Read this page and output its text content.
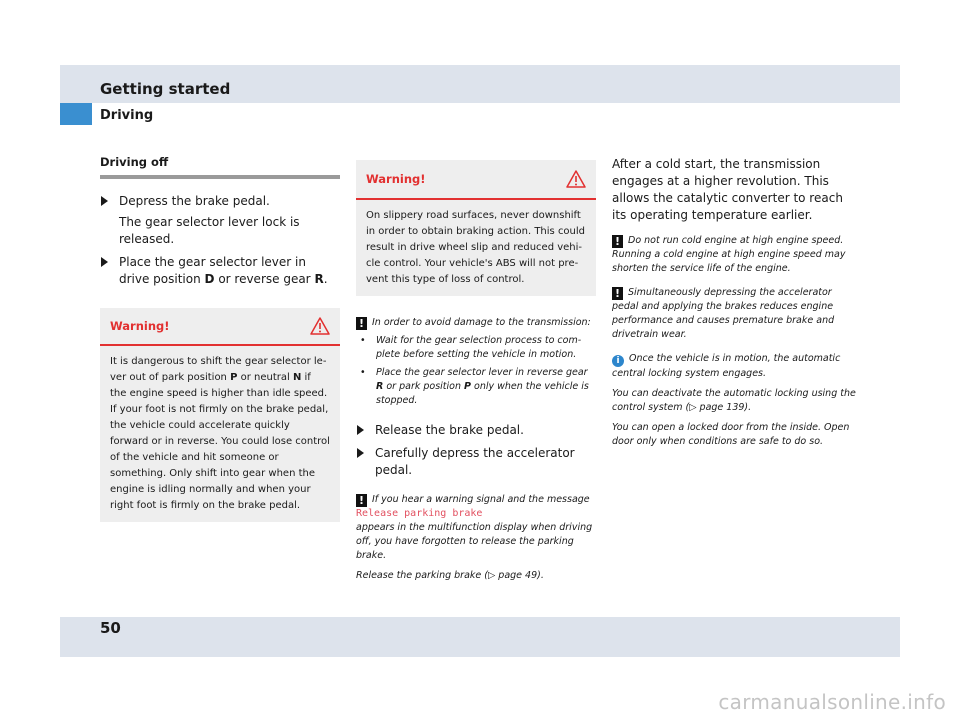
Getting started
Driving
Driving off
Depress the brake pedal.
The gear selector lever lock is released.
Place the gear selector lever in drive position D or reverse gear R.
Warning!
It is dangerous to shift the gear selector lever out of park position P or neutral N if the engine speed is higher than idle speed. If your foot is not firmly on the brake pedal, the vehicle could accelerate quickly forward or in reverse. You could lose control of the vehicle and hit someone or something. Only shift into gear when the engine is idling normally and when your right foot is firmly on the brake pedal.
Warning!
On slippery road surfaces, never downshift in order to obtain braking action. This could result in drive wheel slip and reduced vehicle control. Your vehicle's ABS will not prevent this type of loss of control.
! In order to avoid damage to the transmission:
• Wait for the gear selection process to complete before setting the vehicle in motion.
• Place the gear selector lever in reverse gear R or park position P only when the vehicle is stopped.
Release the brake pedal.
Carefully depress the accelerator pedal.
! If you hear a warning signal and the message Release parking brake
appears in the multifunction display when driving off, you have forgotten to release the parking brake.
Release the parking brake (▷ page 49).
After a cold start, the transmission engages at a higher revolution. This allows the catalytic converter to reach its operating temperature earlier.
! Do not run cold engine at high engine speed. Running a cold engine at high engine speed may shorten the service life of the engine.
! Simultaneously depressing the accelerator pedal and applying the brakes reduces engine performance and causes premature brake and drivetrain wear.
i Once the vehicle is in motion, the automatic central locking system engages.
You can deactivate the automatic locking using the control system (▷ page 139).
You can open a locked door from the inside. Open door only when conditions are safe to do so.
50
carmanualsonline.info
